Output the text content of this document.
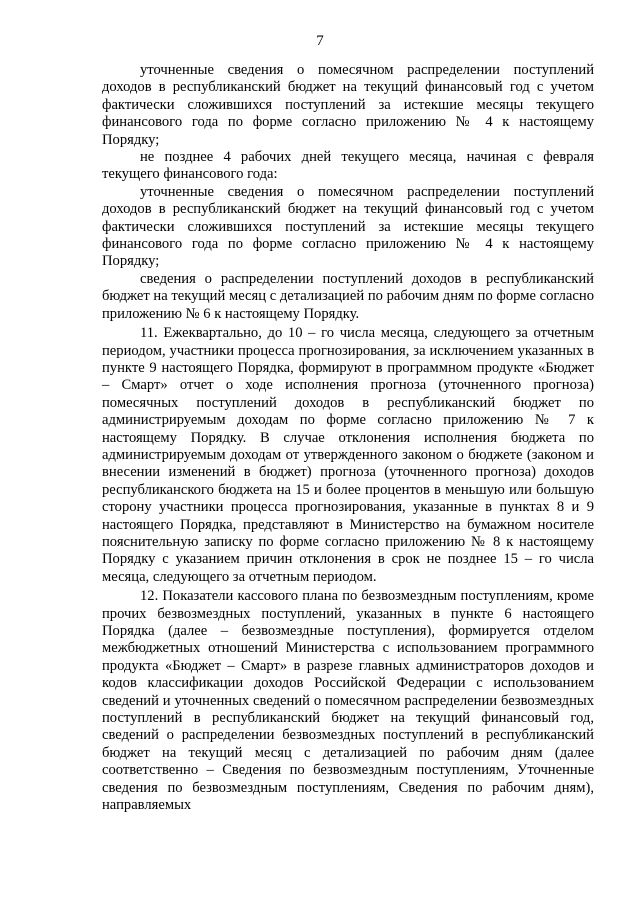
7

уточненные сведения о помесячном распределении поступлений доходов в республиканский бюджет на текущий финансовый год с учетом фактически сложившихся поступлений за истекшие месяцы текущего финансового года по форме согласно приложению № 4 к настоящему Порядку;

не позднее 4 рабочих дней текущего месяца, начиная с февраля текущего финансового года:

уточненные сведения о помесячном распределении поступлений доходов в республиканский бюджет на текущий финансовый год с учетом фактически сложившихся поступлений за истекшие месяцы текущего финансового года по форме согласно приложению № 4 к настоящему Порядку;

сведения о распределении поступлений доходов в республиканский бюджет на текущий месяц с детализацией по рабочим дням по форме согласно приложению № 6 к настоящему Порядку.

11. Ежеквартально, до 10 – го числа месяца, следующего за отчетным периодом, участники процесса прогнозирования, за исключением указанных в пункте 9 настоящего Порядка, формируют в программном продукте «Бюджет – Смарт» отчет о ходе исполнения прогноза (уточненного прогноза) помесячных поступлений доходов в республиканский бюджет по администрируемым доходам по форме согласно приложению № 7 к настоящему Порядку. В случае отклонения исполнения бюджета по администрируемым доходам от утвержденного законом о бюджете (законом и внесении изменений в бюджет) прогноза (уточненного прогноза) доходов республиканского бюджета на 15 и более процентов в меньшую или большую сторону участники процесса прогнозирования, указанные в пунктах 8 и 9 настоящего Порядка, представляют в Министерство на бумажном носителе пояснительную записку по форме согласно приложению № 8 к настоящему Порядку с указанием причин отклонения в срок не позднее 15 – го числа месяца, следующего за отчетным периодом.

12. Показатели кассового плана по безвозмездным поступлениям, кроме прочих безвозмездных поступлений, указанных в пункте 6 настоящего Порядка (далее – безвозмездные поступления), формируется отделом межбюджетных отношений Министерства с использованием программного продукта «Бюджет – Смарт» в разрезе главных администраторов доходов и кодов классификации доходов Российской Федерации с использованием сведений и уточненных сведений о помесячном распределении безвозмездных поступлений в республиканский бюджет на текущий финансовый год, сведений о распределении безвозмездных поступлений в республиканский бюджет на текущий месяц с детализацией по рабочим дням (далее соответственно – Сведения по безвозмездным поступлениям, Уточненные сведения по безвозмездным поступлениям, Сведения по рабочим дням), направляемых
